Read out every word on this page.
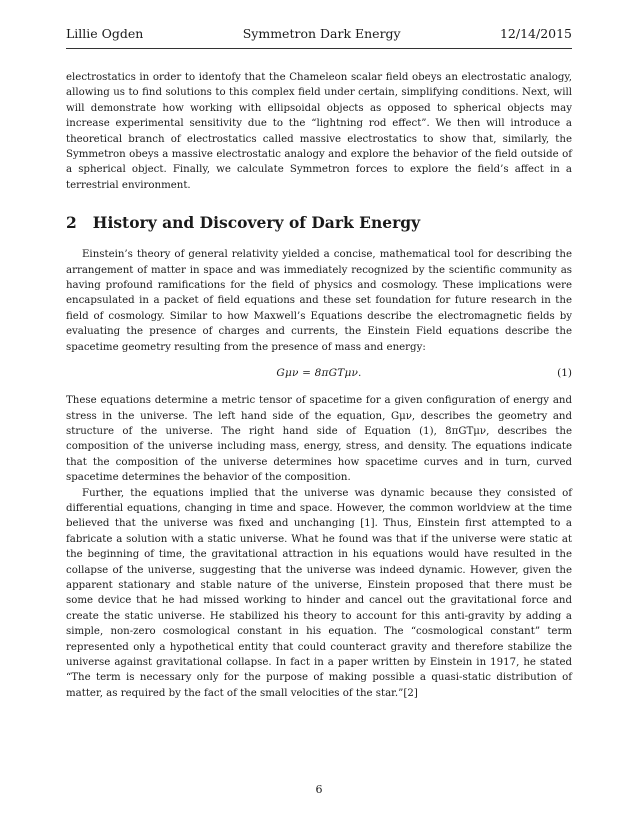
Lillie Ogden	Symmetron Dark Energy	12/14/2015

electrostatics in order to identofy that the Chameleon scalar field obeys an electrostatic analogy, allowing us to find solutions to this complex field under certain, simplifying conditions. Next, will will demonstrate how working with ellipsoidal objects as opposed to spherical objects may increase experimental sensitivity due to the “lightning rod effect”. We then will introduce a theoretical branch of electrostatics called massive electrostatics to show that, similarly, the Symmetron obeys a massive electrostatic analogy and explore the behavior of the field outside of a spherical object. Finally, we calculate Symmetron forces to explore the field’s affect in a terrestrial environment.

2 History and Discovery of Dark Energy

Einstein’s theory of general relativity yielded a concise, mathematical tool for describing the arrangement of matter in space and was immediately recognized by the scientific community as having profound ramifications for the field of physics and cosmology. These implications were encapsulated in a packet of field equations and these set foundation for future research in the field of cosmology. Similar to how Maxwell’s Equations describe the electromagnetic fields by evaluating the presence of charges and currents, the Einstein Field equations describe the spacetime geometry resulting from the presence of mass and energy:

Gμν = 8πGTμν.	(1)

These equations determine a metric tensor of spacetime for a given configuration of energy and stress in the universe. The left hand side of the equation, Gμν, describes the geometry and structure of the universe. The right hand side of Equation (1), 8πGTμν, describes the composition of the universe including mass, energy, stress, and density. The equations indicate that the composition of the universe determines how spacetime curves and in turn, curved spacetime determines the behavior of the composition.

Further, the equations implied that the universe was dynamic because they consisted of differential equations, changing in time and space. However, the common worldview at the time believed that the universe was fixed and unchanging [1]. Thus, Einstein first attempted to a fabricate a solution with a static universe. What he found was that if the universe were static at the beginning of time, the gravitational attraction in his equations would have resulted in the collapse of the universe, suggesting that the universe was indeed dynamic. However, given the apparent stationary and stable nature of the universe, Einstein proposed that there must be some device that he had missed working to hinder and cancel out the gravitational force and create the static universe. He stabilized his theory to account for this anti-gravity by adding a simple, non-zero cosmological constant in his equation. The “cosmological constant” term represented only a hypothetical entity that could counteract gravity and therefore stabilize the universe against gravitational collapse. In fact in a paper written by Einstein in 1917, he stated “The term is necessary only for the purpose of making possible a quasi-static distribution of matter, as required by the fact of the small velocities of the star.”[2]

6
